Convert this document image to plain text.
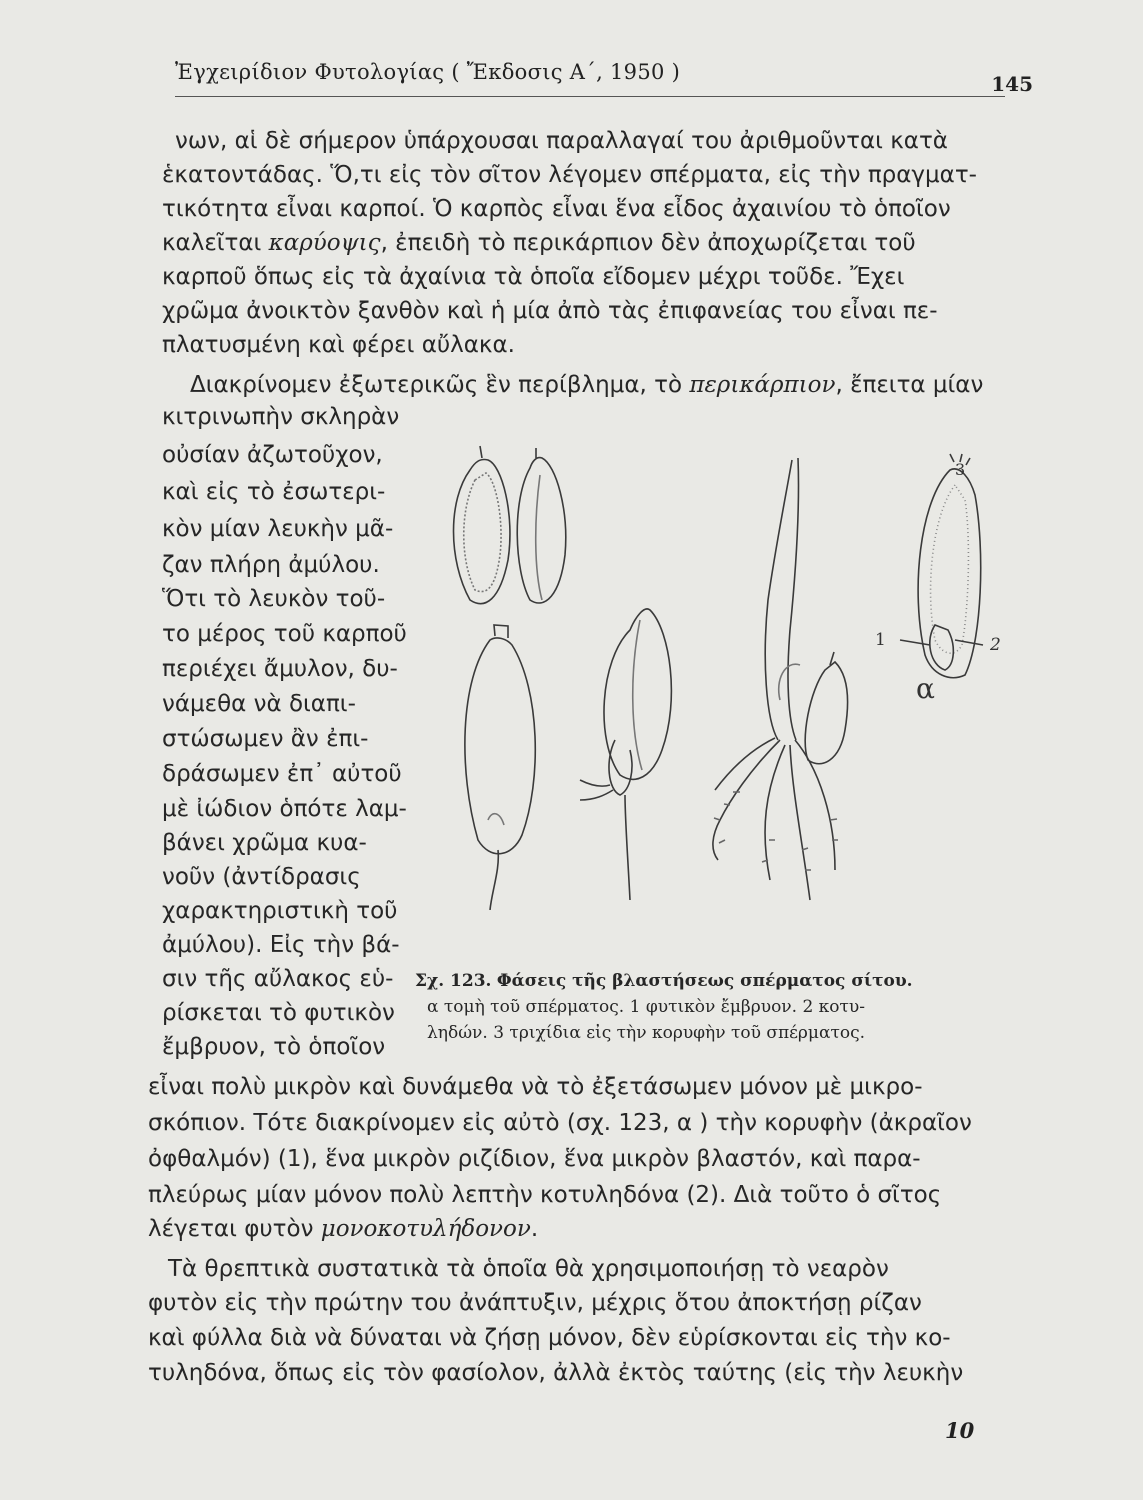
Ἐγχειρίδιον Φυτολογίας ( Ἔκδοσις Α΄, 1950 )	145
νων, αἱ δὲ σήμερον ὑπάρχουσαι παραλλαγαί του ἀριθμοῦνται κατὰ
ἑκατοντάδας. Ὅ,τι εἰς τὸν σῖτον λέγομεν σπέρματα, εἰς τὴν πραγματ-
τικότητα εἶναι καρποί. Ὁ καρπὸς εἶναι ἕνα εἶδος ἀχαινίου τὸ ὁποῖον
καλεῖται καρύοψις, ἐπειδὴ τὸ περικάρπιον δὲν ἀποχωρίζεται τοῦ
καρποῦ ὅπως εἰς τὰ ἀχαίνια τὰ ὁποῖα εἴδομεν μέχρι τοῦδε. Ἔχει
χρῶμα ἀνοικτὸν ξανθὸν καὶ ἡ μία ἀπὸ τὰς ἐπιφανείας του εἶναι πε-
πλατυσμένη καὶ φέρει αὔλακα.
Διακρίνομεν ἐξωτερικῶς ἓν περίβλημα, τὸ περικάρπιον, ἔπειτα μίαν
κιτρινωπὴν σκληρὰν
οὐσίαν ἀζωτοῦχον,
καὶ εἰς τὸ ἐσωτερι-
κὸν μίαν λευκὴν μᾶ-
ζαν πλήρη ἀμύλου.
Ὅτι τὸ λευκὸν τοῦ-
το μέρος τοῦ καρποῦ
περιέχει ἄμυλον, δυ-
νάμεθα νὰ διαπι-
στώσωμεν ἂν ἐπι-
δράσωμεν ἐπ᾽ αὐτοῦ
μὲ ἰώδιον ὁπότε λαμ-
βάνει χρῶμα κυα-
νοῦν (ἀντίδρασις
χαρακτηριστικὴ τοῦ
ἀμύλου). Εἰς τὴν βά-
σιν τῆς αὔλακος εὑ-
ρίσκεται τὸ φυτικὸν
ἔμβρυον, τὸ ὁποῖον
α
1	2
3
Σχ. 123. Φάσεις τῆς βλαστήσεως σπέρματος σίτου.
α τομὴ τοῦ σπέρματος. 1 φυτικὸν ἔμβρυον. 2 κοτυ-
ληδών. 3 τριχίδια εἰς τὴν κορυφὴν τοῦ σπέρματος.
εἶναι πολὺ μικρὸν καὶ δυνάμεθα νὰ τὸ ἐξετάσωμεν μόνον μὲ μικρο-
σκόπιον. Τότε διακρίνομεν εἰς αὐτὸ (σχ. 123, α ) τὴν κορυφὴν (ἀκραῖον
ὀφθαλμόν) (1), ἕνα μικρὸν ριζίδιον, ἕνα μικρὸν βλαστόν, καὶ παρα-
πλεύρως μίαν μόνον πολὺ λεπτὴν κοτυληδόνα (2). Διὰ τοῦτο ὁ σῖτος
λέγεται φυτὸν μονοκοτυλήδονον.
Τὰ θρεπτικὰ συστατικὰ τὰ ὁποῖα θὰ χρησιμοποιήσῃ τὸ νεαρὸν
φυτὸν εἰς τὴν πρώτην του ἀνάπτυξιν, μέχρις ὅτου ἀποκτήσῃ ρίζαν
καὶ φύλλα διὰ νὰ δύναται νὰ ζήσῃ μόνον, δὲν εὑρίσκονται εἰς τὴν κο-
τυληδόνα, ὅπως εἰς τὸν φασίολον, ἀλλὰ ἐκτὸς ταύτης (εἰς τὴν λευκὴν
10
